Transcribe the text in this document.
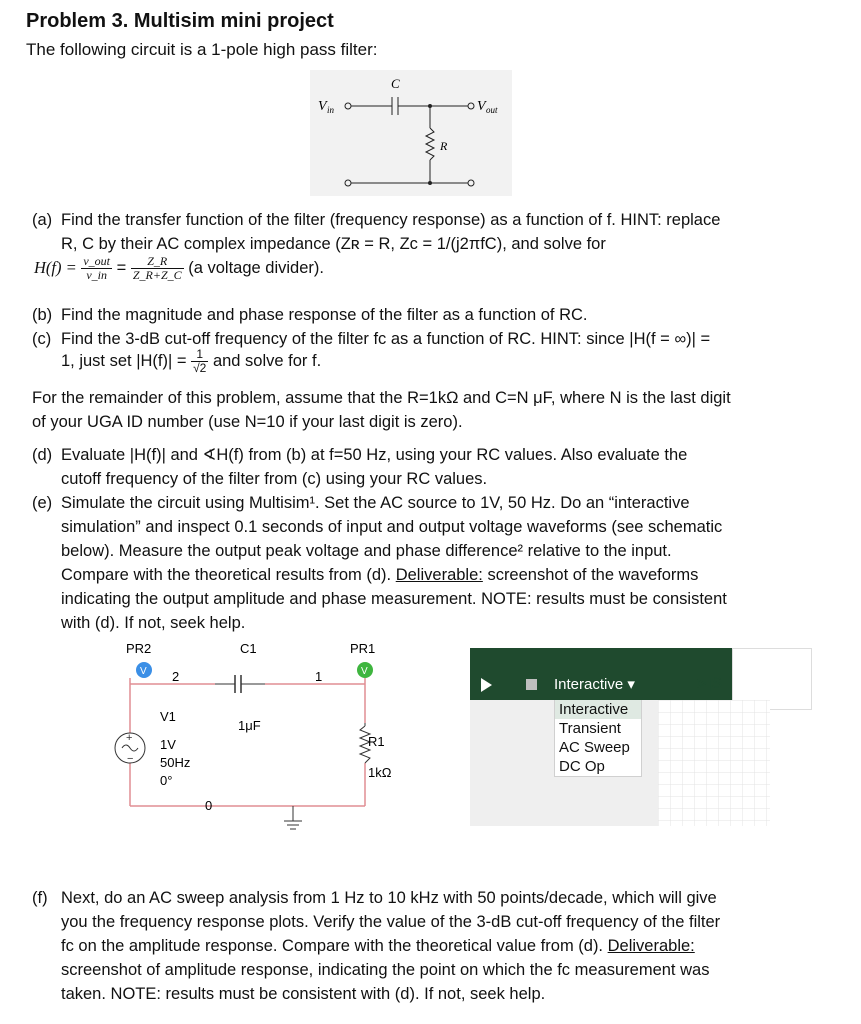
Problem 3. Multisim mini project
The following circuit is a 1-pole high pass filter:
V in
C
V out
R
(a) Find the transfer function of the filter (frequency response) as a function of f. HINT: replace
R, C by their AC complex impedance (Zʀ = R, Zc = 1/(j2πfC), and solve for
$H(f) = \frac{\text{v\_out}}{v\_in} = \frac{Z\_R}{Z\_R+Z\_C} (a$ voltage divider).
(b) Find the magnitude and phase response of the filter as a function of RC.
(c) Find the 3-dB cut-off frequency of the filter fc as a function of RC. HINT: since |H(f = ∞)| =
1, just set $|H(f)| = \frac{1}{√2}$ and solve for f.
For the remainder of this problem, assume that the R=1kΩ and C=N μF, where N is the last digit
of your UGA ID number (use N=10 if your last digit is zero).
(d) Evaluate |H(f)| and ∢H(f) from (b) at f=50 Hz, using your RC values. Also evaluate the
cutoff frequency of the filter from (c) using your RC values.
(e) Simulate the circuit using Multisim¹. Set the AC source to 1V, 50 Hz. Do an “interactive
simulation” and inspect 0.1 seconds of input and output voltage waveforms (see schematic
below). Measure the output peak voltage and phase difference² relative to the input.
Compare with the theoretical results from (d). Deliverable: screenshot of the waveforms
indicating the output amplitude and phase measurement. NOTE: results must be consistent
with (d). If not, seek help.
PR2
V 2
C1
1μF
1
PR1
V
+
−
V1
1V
50Hz
0°
R1
1kΩ
0
Interactive ▾	⊳|S
Interactive
Transient
AC Sweep
DC Op
(f) Next, do an AC sweep analysis from 1 Hz to 10 kHz with 50 points/decade, which will give
you the frequency response plots. Verify the value of the 3-dB cut-off frequency of the filter
fc on the amplitude response. Compare with the theoretical value from (d). Deliverable:
screenshot of amplitude response, indicating the point on which the fc measurement was
taken. NOTE: results must be consistent with (d). If not, seek help.
